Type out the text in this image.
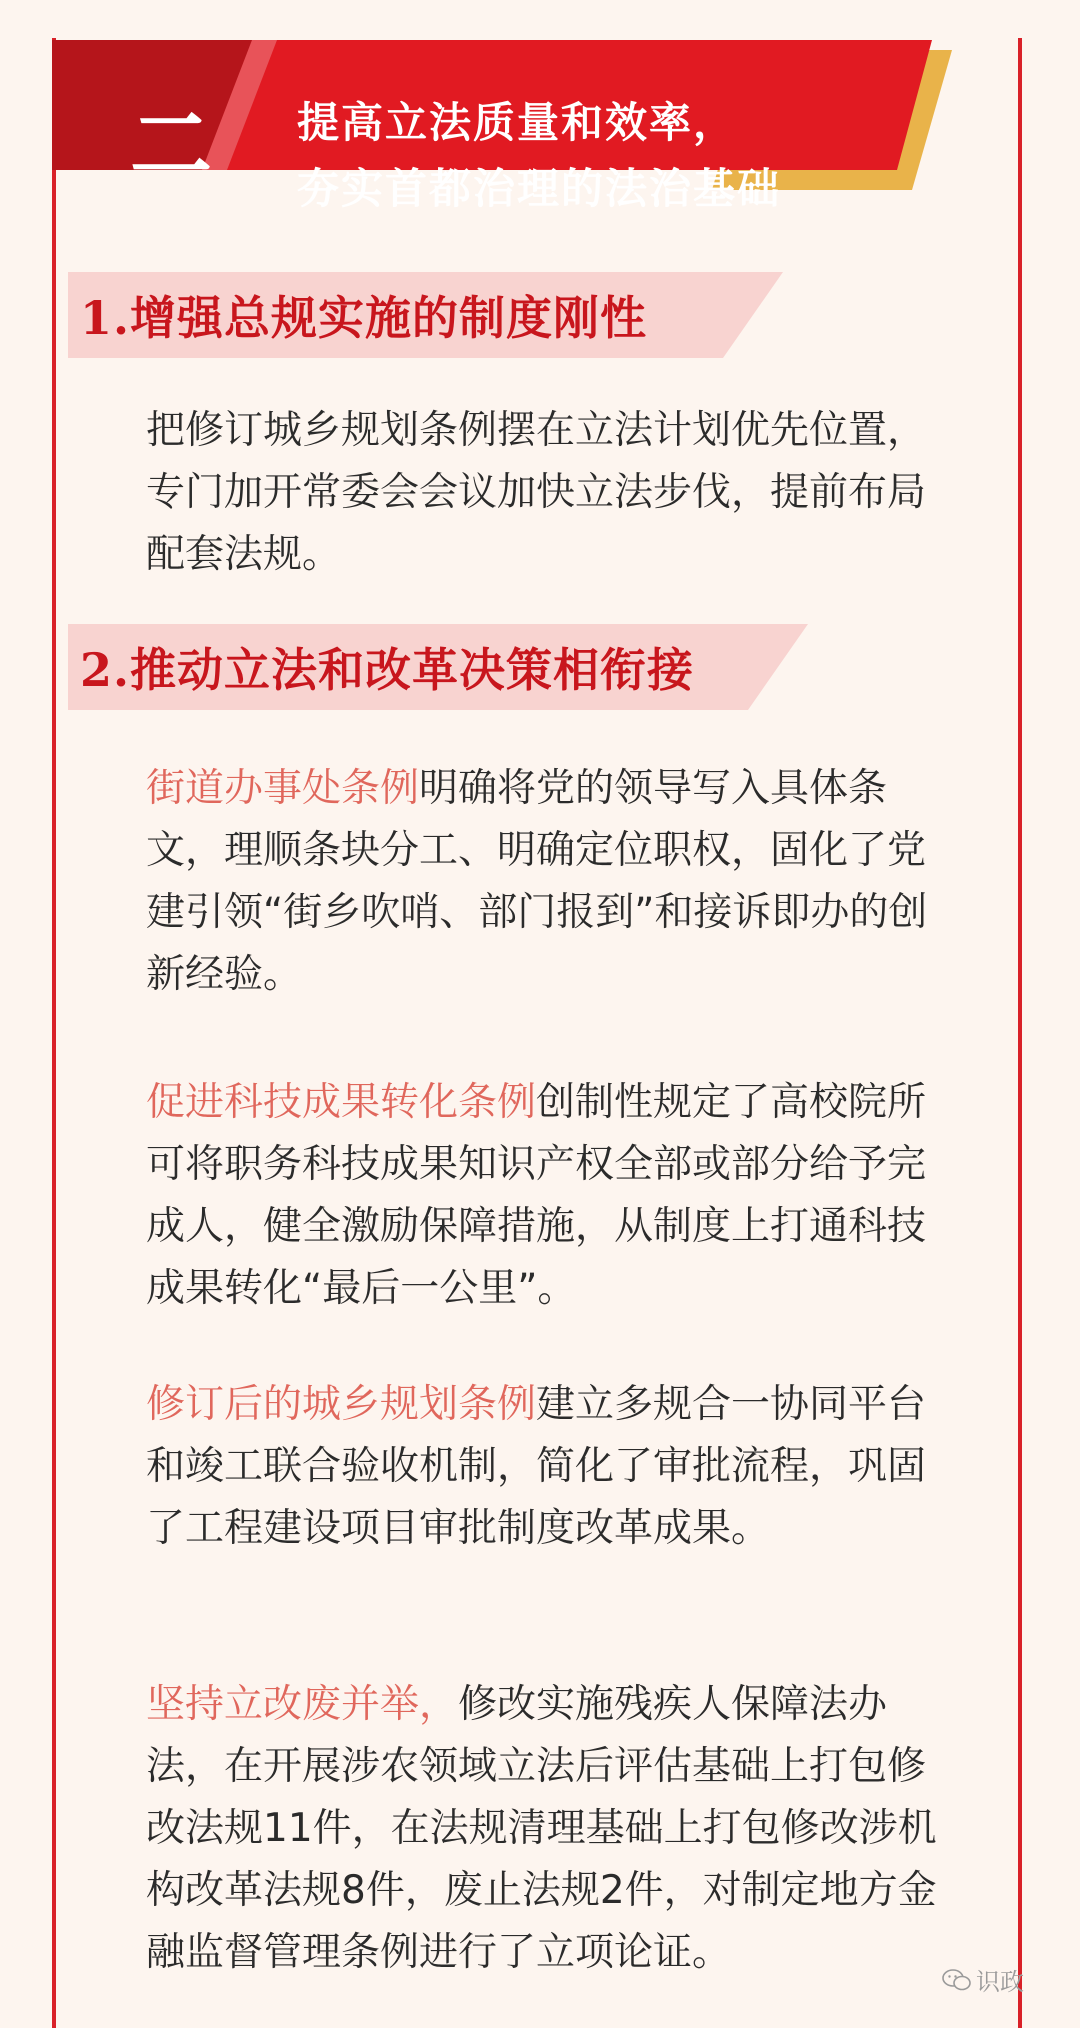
二 提高立法质量和效率，
夯实首都治理的法治基础
1.增强总规实施的制度刚性
把修订城乡规划条例摆在立法计划优先位置，专门加开常委会会议加快立法步伐，提前布局配套法规。
2.推动立法和改革决策相衔接
街道办事处条例明确将党的领导写入具体条文，理顺条块分工、明确定位职权，固化了党建引领“街乡吹哨、部门报到”和接诉即办的创新经验。
促进科技成果转化条例创制性规定了高校院所可将职务科技成果知识产权全部或部分给予完成人，健全激励保障措施，从制度上打通科技成果转化“最后一公里”。
修订后的城乡规划条例建立多规合一协同平台和竣工联合验收机制，简化了审批流程，巩固了工程建设项目审批制度改革成果。
坚持立改废并举，修改实施残疾人保障法办法，在开展涉农领域立法后评估基础上打包修改法规11件，在法规清理基础上打包修改涉机构改革法规8件，废止法规2件，对制定地方金融监督管理条例进行了立项论证。
识政
